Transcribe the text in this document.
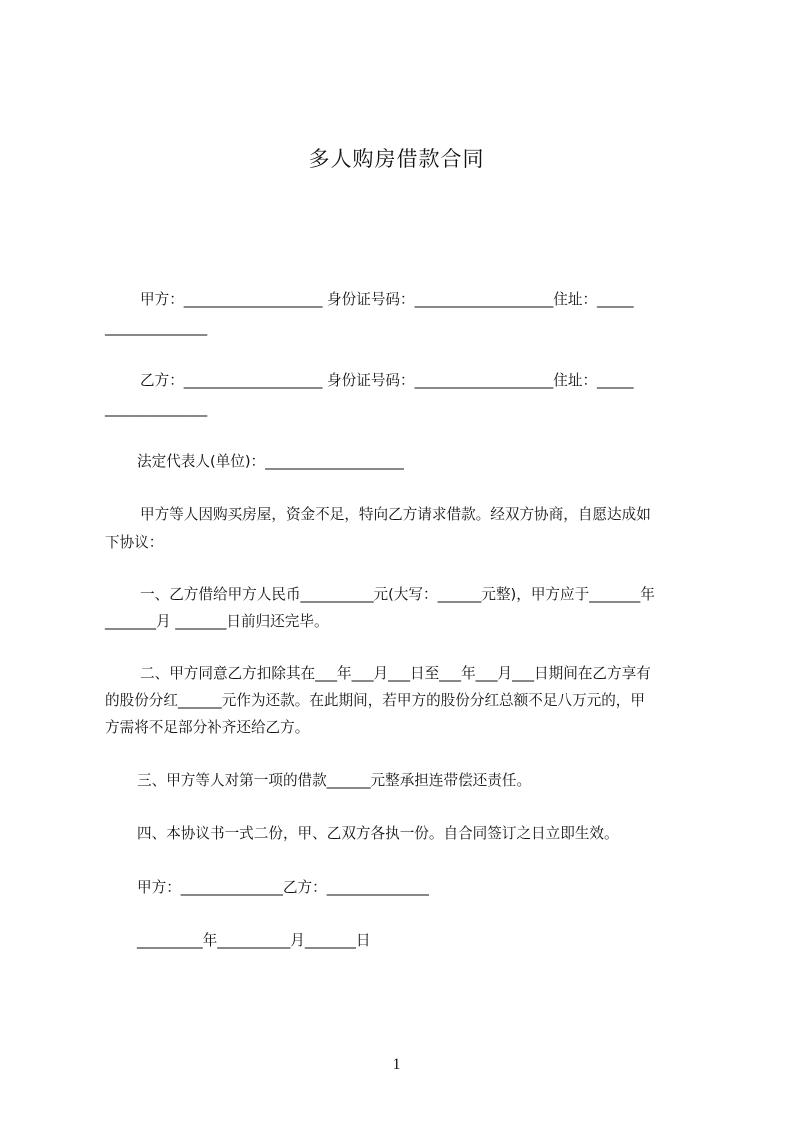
多人购房借款合同
甲方：___________________ 身份证号码：___________________住址：_____
______________
乙方：___________________ 身份证号码：___________________住址：_____
______________
法定代表人(单位)：___________________
甲方等人因购买房屋，资金不足，特向乙方请求借款。经双方协商，自愿达成如
下协议：
一、乙方借给甲方人民币__________元(大写：______元整)，甲方应于_______年
_______月 _______日前归还完毕。
二、甲方同意乙方扣除其在___年___月___日至___年___月___日期间在乙方享有
的股份分红______元作为还款。在此期间，若甲方的股份分红总额不足八万元的，甲
方需将不足部分补齐还给乙方。
三、甲方等人对第一项的借款______元整承担连带偿还责任。
四、本协议书一式二份，甲、乙双方各执一份。自合同签订之日立即生效。
甲方：______________乙方：______________
_________年__________月_______日
1
